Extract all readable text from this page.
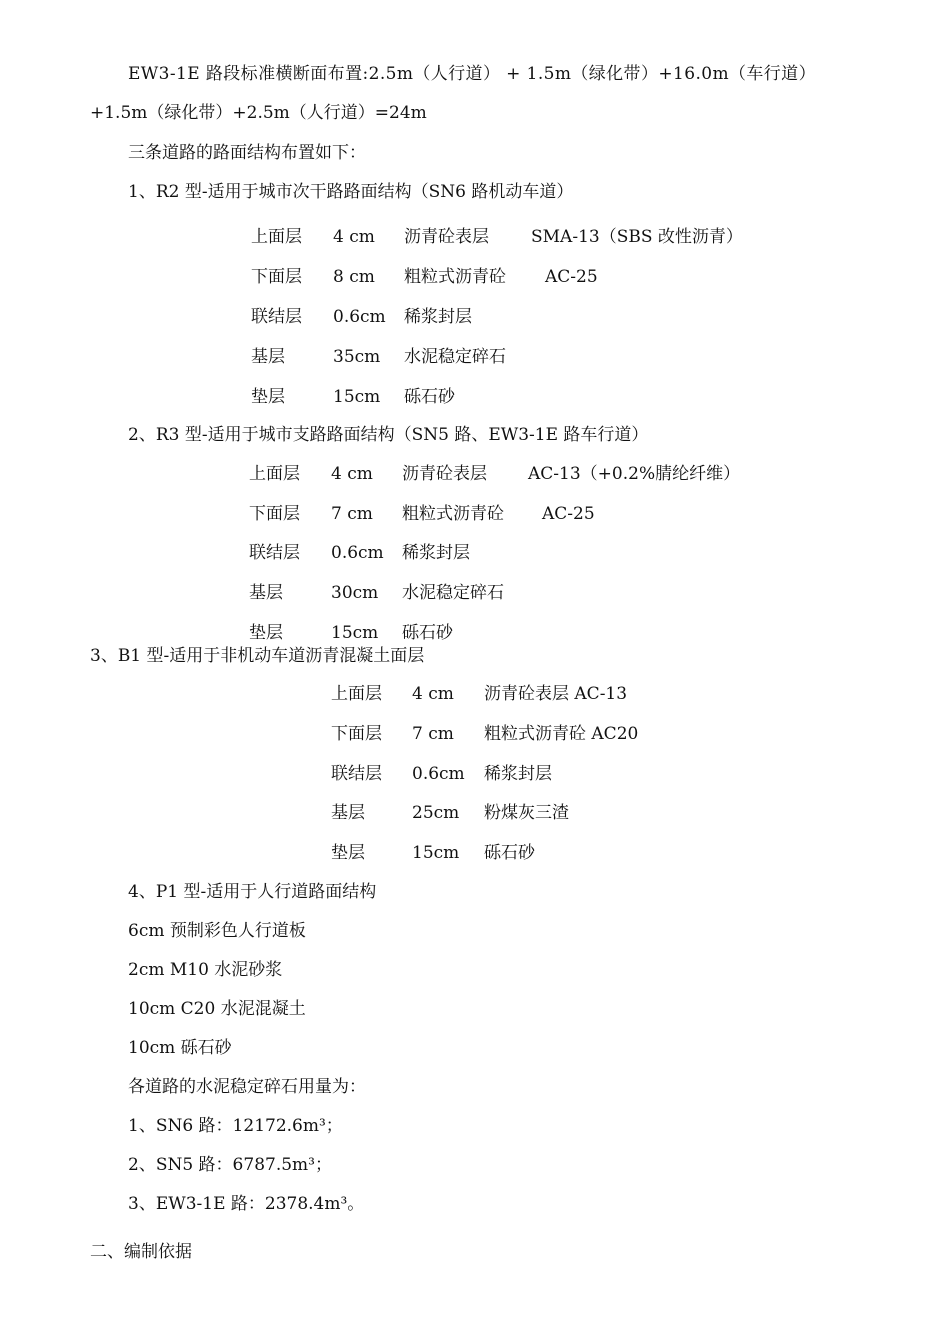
EW3-1E 路段标准横断面布置:2.5m（人行道） + 1.5m（绿化带）+16.0m（车行道）
+1.5m（绿化带）+2.5m（人行道）=24m
三条道路的路面结构布置如下：
1、R2 型-适用于城市次干路路面结构（SN6 路机动车道）
上面层 4 cm 沥青砼表层 SMA-13（SBS 改性沥青）
下面层 8 cm 粗粒式沥青砼 AC-25
联结层 0.6cm 稀浆封层
基层	35cm 水泥稳定碎石
垫层	15cm 砾石砂
2、R3 型-适用于城市支路路面结构（SN5 路、EW3-1E 路车行道）
上面层 4 cm 沥青砼表层 AC-13（+0.2%腈纶纤维）
下面层 7 cm 粗粒式沥青砼 AC-25
联结层 0.6cm 稀浆封层
基层	30cm 水泥稳定碎石
垫层	15cm 砾石砂
3、B1 型-适用于非机动车道沥青混凝土面层
上面层 4 cm 沥青砼表层 AC-13
下面层 7 cm 粗粒式沥青砼 AC20
联结层 0.6cm 稀浆封层
基层	25cm 粉煤灰三渣
垫层	15cm 砾石砂
4、P1 型-适用于人行道路面结构
6cm 预制彩色人行道板
2cm M10 水泥砂浆
10cm C20 水泥混凝土
10cm 砾石砂
各道路的水泥稳定碎石用量为：
1、SN6 路：12172.6m³；
2、SN5 路：6787.5m³；
3、EW3-1E 路：2378.4m³。
二、编制依据
